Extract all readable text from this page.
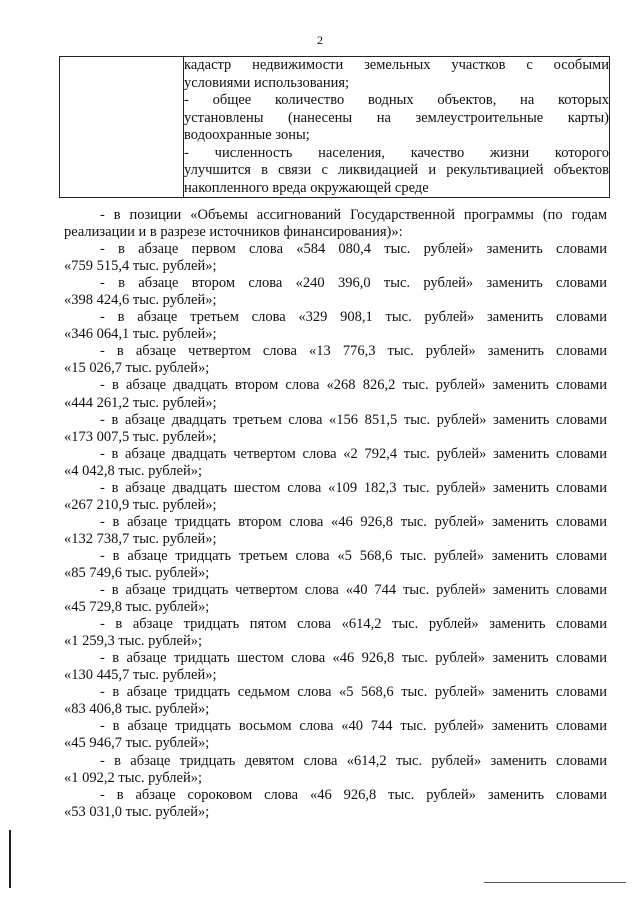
2

кадастр недвижимости земельных участков с особыми
условиями использования;
- общее количество водных объектов, на которых
установлены (нанесены на землеустроительные карты)
водоохранные зоны;
- численность населения, качество жизни которого
улучшится в связи с ликвидацией и рекультивацией объектов
накопленного вреда окружающей среде
- в позиции «Объемы ассигнований Государственной программы (по годам
реализации и в разрезе источников финансирования)»:
- в абзаце первом слова «584 080,4 тыс. рублей» заменить словами
«759 515,4 тыс. рублей»;
- в абзаце втором слова «240 396,0 тыс. рублей» заменить словами
«398 424,6 тыс. рублей»;
- в абзаце третьем слова «329 908,1 тыс. рублей» заменить словами
«346 064,1 тыс. рублей»;
- в абзаце четвертом слова «13 776,3 тыс. рублей» заменить словами
«15 026,7 тыс. рублей»;
- в абзаце двадцать втором слова «268 826,2 тыс. рублей» заменить словами
«444 261,2 тыс. рублей»;
- в абзаце двадцать третьем слова «156 851,5 тыс. рублей» заменить словами
«173 007,5 тыс. рублей»;
- в абзаце двадцать четвертом слова «2 792,4 тыс. рублей» заменить словами
«4 042,8 тыс. рублей»;
- в абзаце двадцать шестом слова «109 182,3 тыс. рублей» заменить словами
«267 210,9 тыс. рублей»;
- в абзаце тридцать втором слова «46 926,8 тыс. рублей» заменить словами
«132 738,7 тыс. рублей»;
- в абзаце тридцать третьем слова «5 568,6 тыс. рублей» заменить словами
«85 749,6 тыс. рублей»;
- в абзаце тридцать четвертом слова «40 744 тыс. рублей» заменить словами
«45 729,8 тыс. рублей»;
- в абзаце тридцать пятом слова «614,2 тыс. рублей» заменить словами
«1 259,3 тыс. рублей»;
- в абзаце тридцать шестом слова «46 926,8 тыс. рублей» заменить словами
«130 445,7 тыс. рублей»;
- в абзаце тридцать седьмом слова «5 568,6 тыс. рублей» заменить словами
«83 406,8 тыс. рублей»;
- в абзаце тридцать восьмом слова «40 744 тыс. рублей» заменить словами
«45 946,7 тыс. рублей»;
- в абзаце тридцать девятом слова «614,2 тыс. рублей» заменить словами
«1 092,2 тыс. рублей»;
- в абзаце сороковом слова «46 926,8 тыс. рублей» заменить словами
«53 031,0 тыс. рублей»;
